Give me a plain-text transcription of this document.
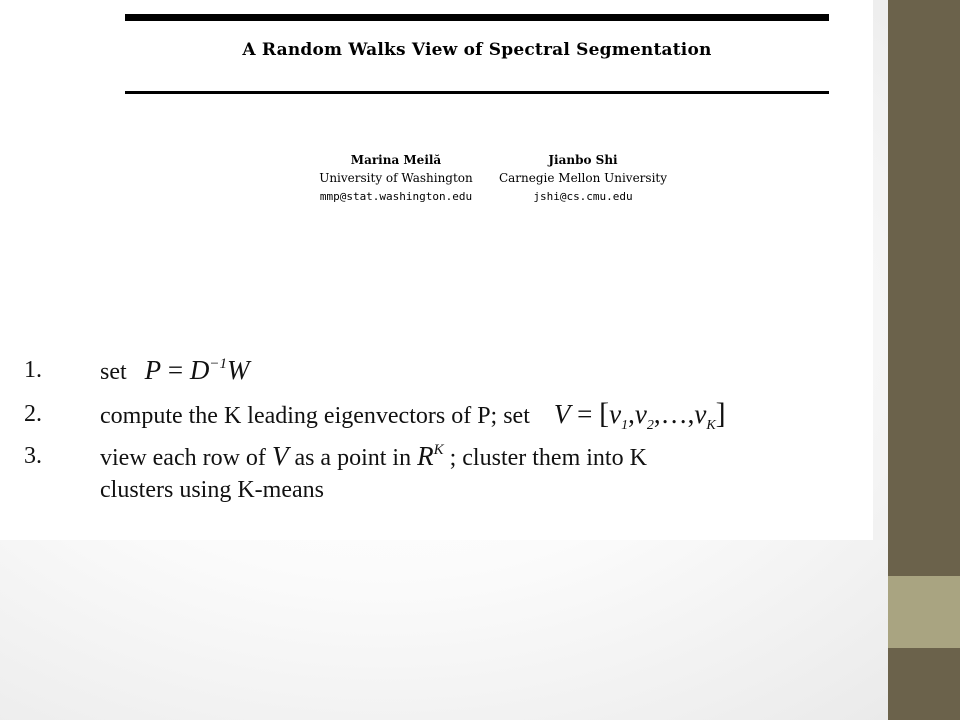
A Random Walks View of Spectral Segmentation
Marina Meilă
University of Washington
mmp@stat.washington.edu
Jianbo Shi
Carnegie Mellon University
jshi@cs.cmu.edu
1. set $P = D^{-1}W$
2. compute the K leading eigenvectors of P; set $V = [v_1,v_2,\dots,v_K]$
3. view each row of V as a point in $R^K$ ; cluster them into K
clusters using K-means
